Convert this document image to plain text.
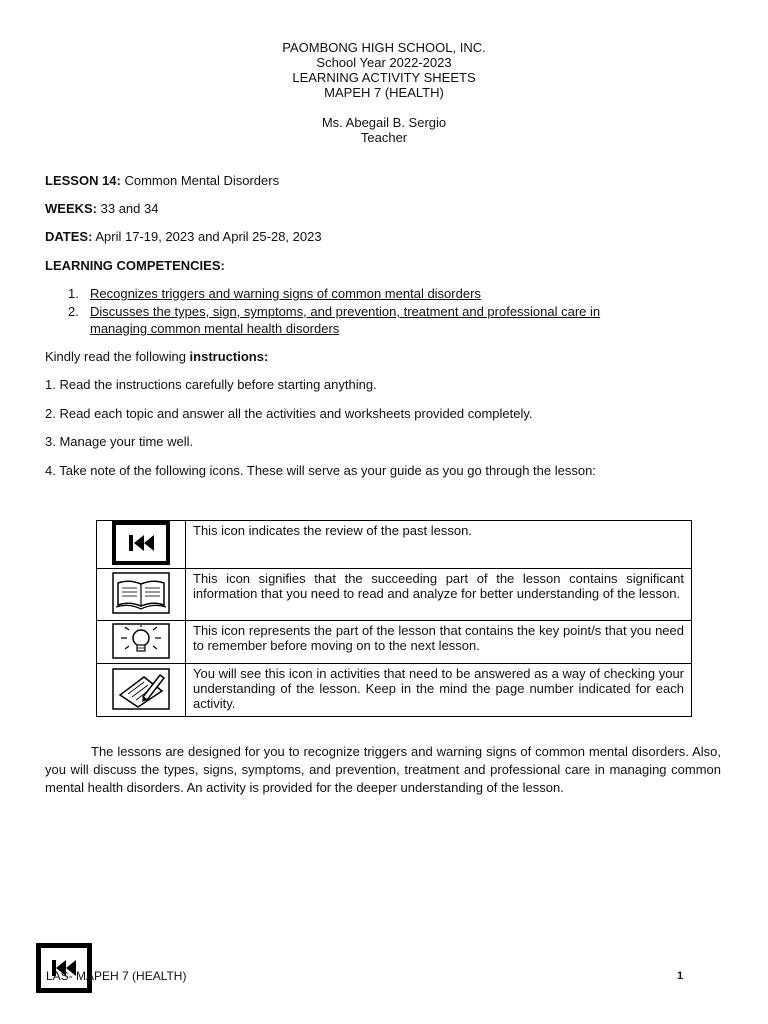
PAOMBONG HIGH SCHOOL, INC.
School Year 2022-2023
LEARNING ACTIVITY SHEETS
MAPEH 7 (HEALTH)
Ms. Abegail B. Sergio
Teacher
LESSON 14: Common Mental Disorders
WEEKS: 33 and 34
DATES: April 17-19, 2023 and April 25-28, 2023
LEARNING COMPETENCIES:
1. Recognizes triggers and warning signs of common mental disorders
2. Discusses the types, sign, symptoms, and prevention, treatment and professional care in
managing common mental health disorders
Kindly read the following instructions:
1. Read the instructions carefully before starting anything.
2. Read each topic and answer all the activities and worksheets provided completely.
3. Manage your time well.
4. Take note of the following icons. These will serve as your guide as you go through the lesson:
	This icon indicates the review of the past lesson.
	This icon signifies that the succeeding part of the lesson contains significant information that you need to read and analyze for better understanding of the lesson.
	This icon represents the part of the lesson that contains the key point/s that you need to remember before moving on to the next lesson.
	You will see this icon in activities that need to be answered as a way of checking your understanding of the lesson. Keep in the mind the page number indicated for each activity.
The lessons are designed for you to recognize triggers and warning signs of common mental disorders. Also, you will discuss the types, signs, symptoms, and prevention, treatment and professional care in managing common mental health disorders. An activity is provided for the deeper understanding of the lesson.
LAS- MAPEH 7 (HEALTH)	1
